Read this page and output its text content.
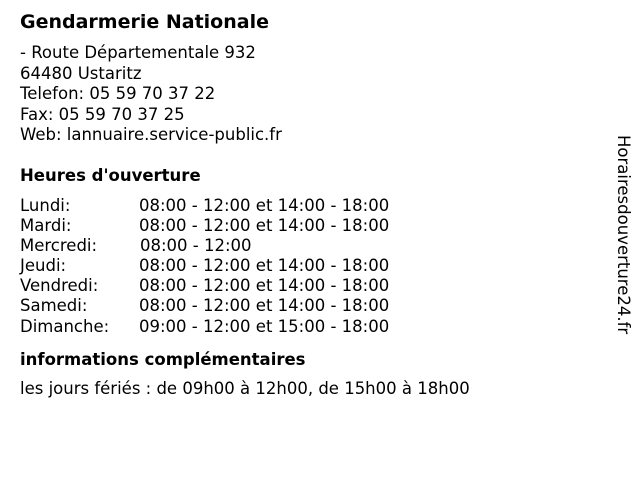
Gendarmerie Nationale
- Route Départementale 932
64480 Ustaritz
Telefon: 05 59 70 37 22
Fax: 05 59 70 37 25
Web: lannuaire.service-public.fr
Heures d'ouverture
Lundi:	08:00 - 12:00 et 14:00 - 18:00
Mardi:	08:00 - 12:00 et 14:00 - 18:00
Mercredi:	08:00 - 12:00
Jeudi:	08:00 - 12:00 et 14:00 - 18:00
Vendredi: 08:00 - 12:00 et 14:00 - 18:00
Samedi:	08:00 - 12:00 et 14:00 - 18:00
Dimanche: 09:00 - 12:00 et 15:00 - 18:00
informations complémentaires
les jours fériés : de 09h00 à 12h00, de 15h00 à 18h00
Horairesdouverture24.fr
